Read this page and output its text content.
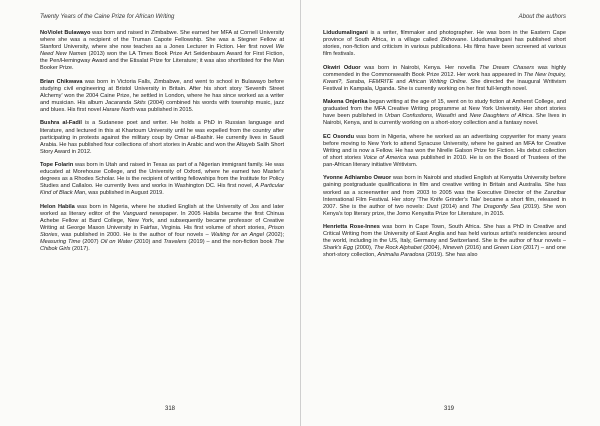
Twenty Years of the Caine Prize for African Writing

NoViolet Bulawayo was born and raised in Zimbabwe. She earned her MFA at Cornell University where she was a recipient of the Truman Capote Fellowship. She was a Stegner Fellow at Stanford University, where she now teaches as a Jones Lecturer in Fiction. Her first novel We Need New Names (2013) won the LA Times Book Prize Art Seidenbaum Award for First Fiction, the Pen/Hemingway Award and the Etisalat Prize for Literature; it was also shortlisted for the Man Booker Prize.

Brian Chikwava was born in Victoria Falls, Zimbabwe, and went to school in Bulawayo before studying civil engineering at Bristol University in Britain. After his short story 'Seventh Street Alchemy' won the 2004 Caine Prize, he settled in London, where he has since worked as a writer and musician. His album Jacaranda Skits (2004) combined his words with township music, jazz and blues. His first novel Harare North was published in 2015.

Bushra al-Fadil is a Sudanese poet and writer. He holds a PhD in Russian language and literature, and lectured in this at Khartoum University until he was expelled from the country after participating in protests against the military coup by Omar al-Bashir. He currently lives in Saudi Arabia. He has published four collections of short stories in Arabic and won the Altayeb Salih Short Story Award in 2012.

Tope Folarin was born in Utah and raised in Texas as part of a Nigerian immigrant family. He was educated at Morehouse College, and the University of Oxford, where he earned two Master's degrees as a Rhodes Scholar. He is the recipient of writing fellowships from the Institute for Policy Studies and Callaloo. He currently lives and works in Washington DC. His first novel, A Particular Kind of Black Man, was published in August 2019.

Helon Habila was born in Nigeria, where he studied English at the University of Jos and later worked as literary editor of the Vanguard newspaper. In 2005 Habila became the first Chinua Achebe Fellow at Bard College, New York, and subsequently became professor of Creative Writing at George Mason University in Fairfax, Virginia. His first volume of short stories, Prison Stories, was published in 2000. He is the author of four novels – Waiting for an Angel (2002); Measuring Time (2007) Oil on Water (2010) and Travelers (2019) – and the non-fiction book The Chibok Girls (2017).

318
About the authors

Lidudumalingani is a writer, filmmaker and photographer. He was born in the Eastern Cape province of South Africa, in a village called Zikhovane. Lidudumalingani has published short stories, non-fiction and criticism in various publications. His films have been screened at various film festivals.

Okwiri Oduor was born in Nairobi, Kenya. Her novella The Dream Chasers was highly commended in the Commonwealth Book Prize 2012. Her work has appeared in The New Inquiry, Kwani?, Saraba, FEMRITE and African Writing Online. She directed the inaugural Writivism Festival in Kampala, Uganda. She is currently working on her first full-length novel.

Makena Onjerika began writing at the age of 15, went on to study fiction at Amherst College, and graduated from the MFA Creative Writing programme at New York University. Her short stories have been published in Urban Confustions, Wasafiri and New Daughters of Africa. She lives in Nairobi, Kenya, and is currently working on a short-story collection and a fantasy novel.

EC Osondu was born in Nigeria, where he worked as an advertising copywriter for many years before moving to New York to attend Syracuse University, where he gained an MFA for Creative Writing and is now a Fellow. He has won the Nirelle Galson Prize for Fiction. His debut collection of short stories Voice of America was published in 2010. He is on the Board of Trustees of the pan-African literary initiative Writivism.

Yvonne Adhiambo Owuor was born in Nairobi and studied English at Kenyatta University before gaining postgraduate qualifications in film and creative writing in Britain and Australia. She has worked as a screenwriter and from 2003 to 2005 was the Executive Director of the Zanzibar International Film Festival. Her story 'The Knife Grinder's Tale' became a short film, released in 2007. She is the author of two novels: Dust (2014) and The Dragonfly Sea (2019). She won Kenya's top literary prize, the Jomo Kenyatta Prize for Literature, in 2015.

Henrietta Rose-Innes was born in Cape Town, South Africa. She has a PhD in Creative and Critical Writing from the University of East Anglia and has held various artist's residencies around the world, including in the US, Italy, Germany and Switzerland. She is the author of four novels – Shark's Egg (2000), The Rock Alphabet (2004), Nineveh (2016) and Green Lion (2017) – and one short-story collection, Animalia Paradoxa (2019). She has also

319
